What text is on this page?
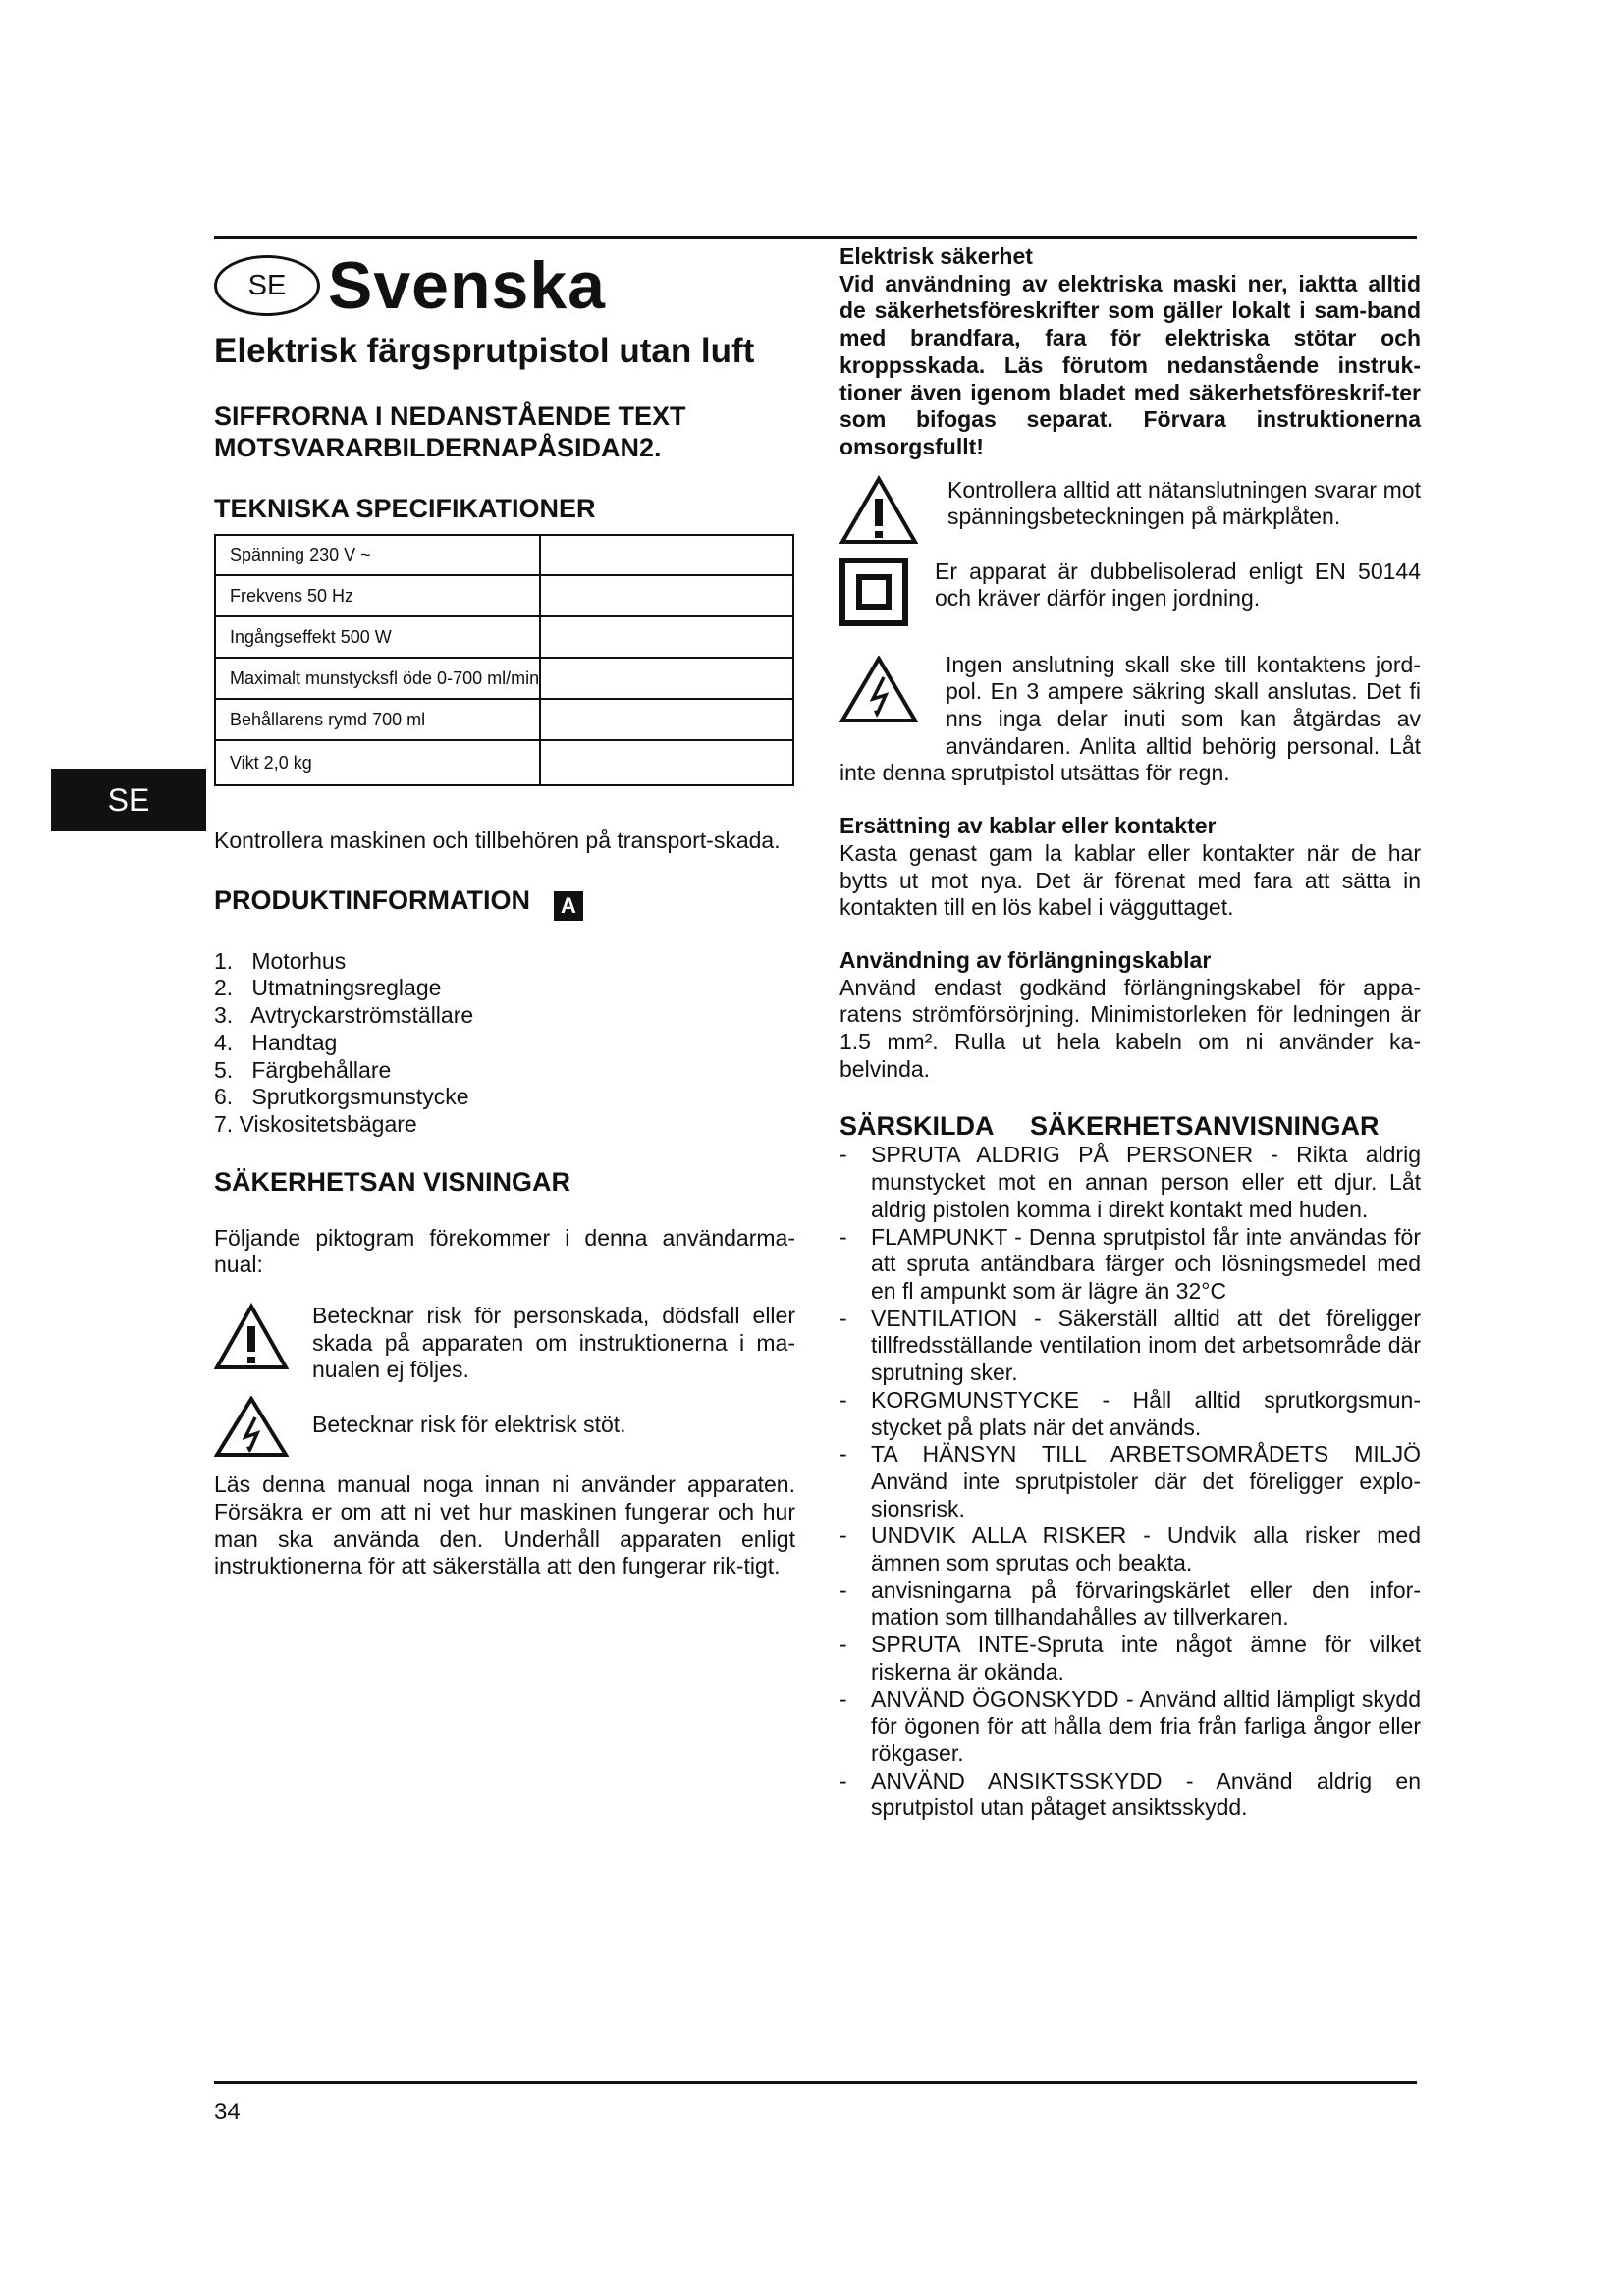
SE
SE Svenska
Elektrisk färgsprutpistol utan luft
SIFFRORNA I NEDANSTÅENDE TEXT
MOTSVARARBILDERNAPÅSIDAN2.
TEKNISKA SPECIFIKATIONER
Spänning 230 V ~	
Frekvens 50 Hz	
Ingångseffekt 500 W	
Maximalt munstycksfl öde 0-700 ml/min	
Behållarens rymd 700 ml	
Vikt 2,0 kg	
Kontrollera maskinen och tillbehören på transport-skada.
PRODUKTINFORMATION A
1.   Motorhus
2.   Utmatningsreglage
3.   Avtryckarströmställare
4.   Handtag
5.   Färgbehållare
6.   Sprutkorgsmunstycke
7. Viskositetsbägare
SÄKERHETSAN VISNINGAR
Följande piktogram förekommer i denna användarma-nual:
Betecknar risk för personskada, dödsfall eller skada på apparaten om instruktionerna i ma-nualen ej följes.
Betecknar risk för elektrisk stöt.
Läs denna manual noga innan ni använder apparaten. Försäkra er om att ni vet hur maskinen fungerar och hur man ska använda den. Underhåll apparaten enligt instruktionerna för att säkerställa att den fungerar rik-tigt.
Elektrisk säkerhet
Vid användning av elektriska maski ner, iaktta alltid de säkerhetsföreskrifter som gäller lokalt i sam-band med brandfara, fara för elektriska stötar och kroppsskada. Läs förutom nedanstående instruk-tioner även igenom bladet med säkerhetsföreskrif-ter som bifogas separat. Förvara instruktionerna omsorgsfullt!
Kontrollera alltid att nätanslutningen svarar mot spänningsbeteckningen på märkplåten.
Er apparat är dubbelisolerad enligt EN 50144 och kräver därför ingen jordning.
Ingen anslutning skall ske till kontaktens jord-pol. En 3 ampere säkring skall anslutas. Det fi nns inga delar inuti som kan åtgärdas av användaren. Anlita alltid behörig personal. Låt inte denna sprutpistol utsättas för regn.
Ersättning av kablar eller kontakter
Kasta genast gam la kablar eller kontakter när de har bytts ut mot nya. Det är förenat med fara att sätta in kontakten till en lös kabel i vägguttaget.
Användning av förlängningskablar
Använd endast godkänd förlängningskabel för appa-ratens strömförsörjning. Minimistorleken för ledningen är 1.5 mm². Rulla ut hela kabeln om ni använder ka-belvinda.
SÄRSKILDA     SÄKERHETSANVISNINGAR
-	SPRUTA ALDRIG PÅ PERSONER - Rikta aldrig munstycket mot en annan person eller ett djur. Låt aldrig pistolen komma i direkt kontakt med huden.
-	FLAMPUNKT - Denna sprutpistol får inte användas för att spruta antändbara färger och lösningsmedel med en fl ampunkt som är lägre än 32°C
-	VENTILATION - Säkerställ alltid att det föreligger tillfredsställande ventilation inom det arbetsområde där sprutning sker.
-	KORGMUNSTYCKE - Håll alltid sprutkorgsmun-stycket på plats när det används.
-	TA HÄNSYN TILL ARBETSOMRÅDETS MILJÖ Använd inte sprutpistoler där det föreligger explo-sionsrisk.
-	UNDVIK ALLA RISKER - Undvik alla risker med ämnen som sprutas och beakta.
-	anvisningarna på förvaringskärlet eller den infor-mation som tillhandahålles av tillverkaren.
-	SPRUTA INTE-Spruta inte något ämne för vilket riskerna är okända.
-	ANVÄND ÖGONSKYDD - Använd alltid lämpligt skydd för ögonen för att hålla dem fria från farliga ångor eller rökgaser.
-	ANVÄND ANSIKTSSKYDD - Använd aldrig en sprutpistol utan påtaget ansiktsskydd.
34
